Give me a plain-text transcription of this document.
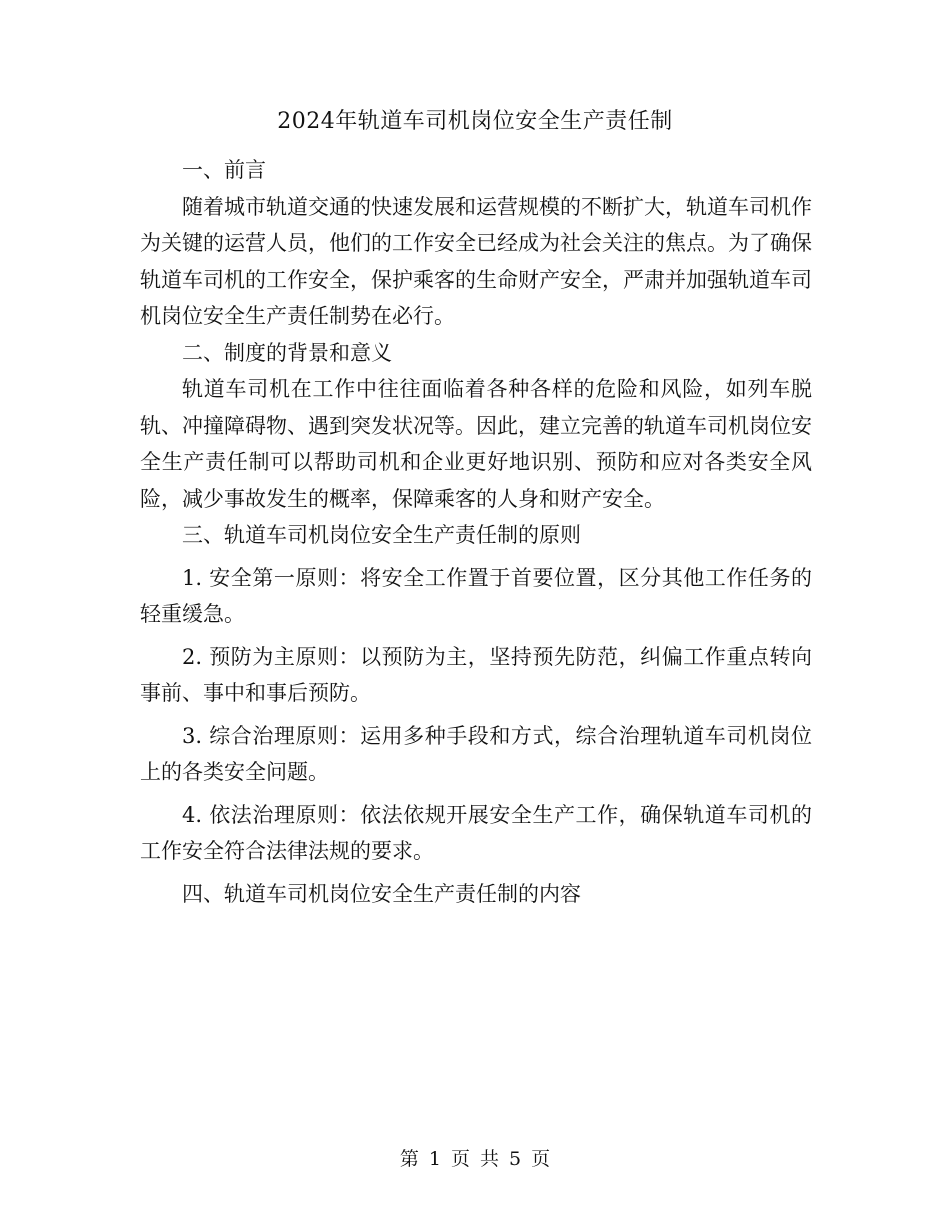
2024年轨道车司机岗位安全生产责任制

一、前言

随着城市轨道交通的快速发展和运营规模的不断扩大，轨道车司机作为关键的运营人员，他们的工作安全已经成为社会关注的焦点。为了确保轨道车司机的工作安全，保护乘客的生命财产安全，严肃并加强轨道车司机岗位安全生产责任制势在必行。

二、制度的背景和意义

轨道车司机在工作中往往面临着各种各样的危险和风险，如列车脱轨、冲撞障碍物、遇到突发状况等。因此，建立完善的轨道车司机岗位安全生产责任制可以帮助司机和企业更好地识别、预防和应对各类安全风险，减少事故发生的概率，保障乘客的人身和财产安全。

三、轨道车司机岗位安全生产责任制的原则

1. 安全第一原则：将安全工作置于首要位置，区分其他工作任务的轻重缓急。

2. 预防为主原则：以预防为主，坚持预先防范，纠偏工作重点转向事前、事中和事后预防。

3. 综合治理原则：运用多种手段和方式，综合治理轨道车司机岗位上的各类安全问题。

4. 依法治理原则：依法依规开展安全生产工作，确保轨道车司机的工作安全符合法律法规的要求。

四、轨道车司机岗位安全生产责任制的内容

第 1 页 共 5 页
